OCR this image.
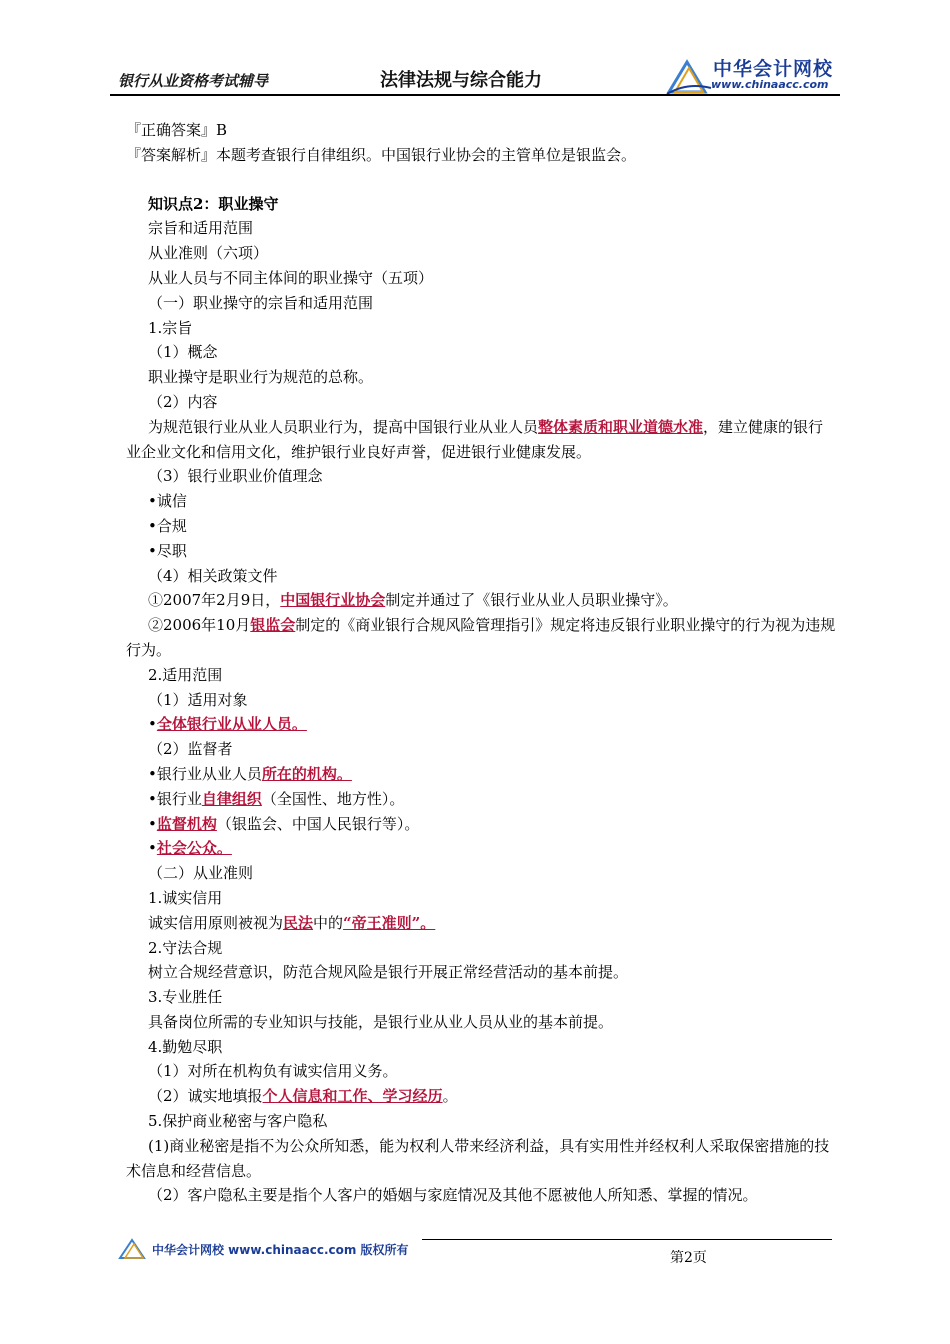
银行从业资格考试辅导	法律法规与综合能力
中华会计网校
www.chinaacc.com
『正确答案』B
『答案解析』本题考查银行自律组织。中国银行业协会的主管单位是银监会。
知识点2：职业操守
宗旨和适用范围
从业准则（六项）
从业人员与不同主体间的职业操守（五项）
（一）职业操守的宗旨和适用范围
1.宗旨
（1）概念
职业操守是职业行为规范的总称。
（2）内容
为规范银行业从业人员职业行为，提高中国银行业从业人员整体素质和职业道德水准，建立健康的银行业企业文化和信用文化，维护银行业良好声誉，促进银行业健康发展。
（3）银行业职业价值理念
•诚信
•合规
•尽职
（4）相关政策文件
①2007年2月9日，中国银行业协会制定并通过了《银行业从业人员职业操守》。
②2006年10月银监会制定的《商业银行合规风险管理指引》规定将违反银行业职业操守的行为视为违规行为。
2.适用范围
（1）适用对象
•全体银行业从业人员。
（2）监督者
•银行业从业人员所在的机构。
•银行业自律组织（全国性、地方性）。
•监督机构（银监会、中国人民银行等）。
•社会公众。
（二）从业准则
1.诚实信用
诚实信用原则被视为民法中的“帝王准则”。
2.守法合规
树立合规经营意识，防范合规风险是银行开展正常经营活动的基本前提。
3.专业胜任
具备岗位所需的专业知识与技能，是银行业从业人员从业的基本前提。
4.勤勉尽职
（1）对所在机构负有诚实信用义务。
（2）诚实地填报个人信息和工作、学习经历。
5.保护商业秘密与客户隐私
(1)商业秘密是指不为公众所知悉，能为权利人带来经济利益，具有实用性并经权利人采取保密措施的技术信息和经营信息。
（2）客户隐私主要是指个人客户的婚姻与家庭情况及其他不愿被他人所知悉、掌握的情况。
中华会计网校 www.chinaacc.com 版权所有	第2页
